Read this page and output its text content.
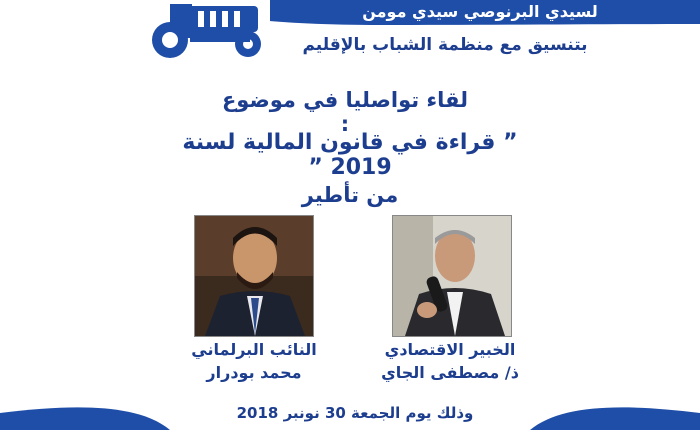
لسيدي البرنوصي سيدي مومن
بتنسيق مع منظمة الشباب بالإقليم
لقاء تواصليا في موضوع :
” قراءة في قانون المالية لسنة 2019 ”
من تأطير
النائب البرلماني
محمد بودرار
الخبير الاقتصادي
ذ/ مصطفى الجاي
وذلك يوم الجمعة 30 نونبر 2018
